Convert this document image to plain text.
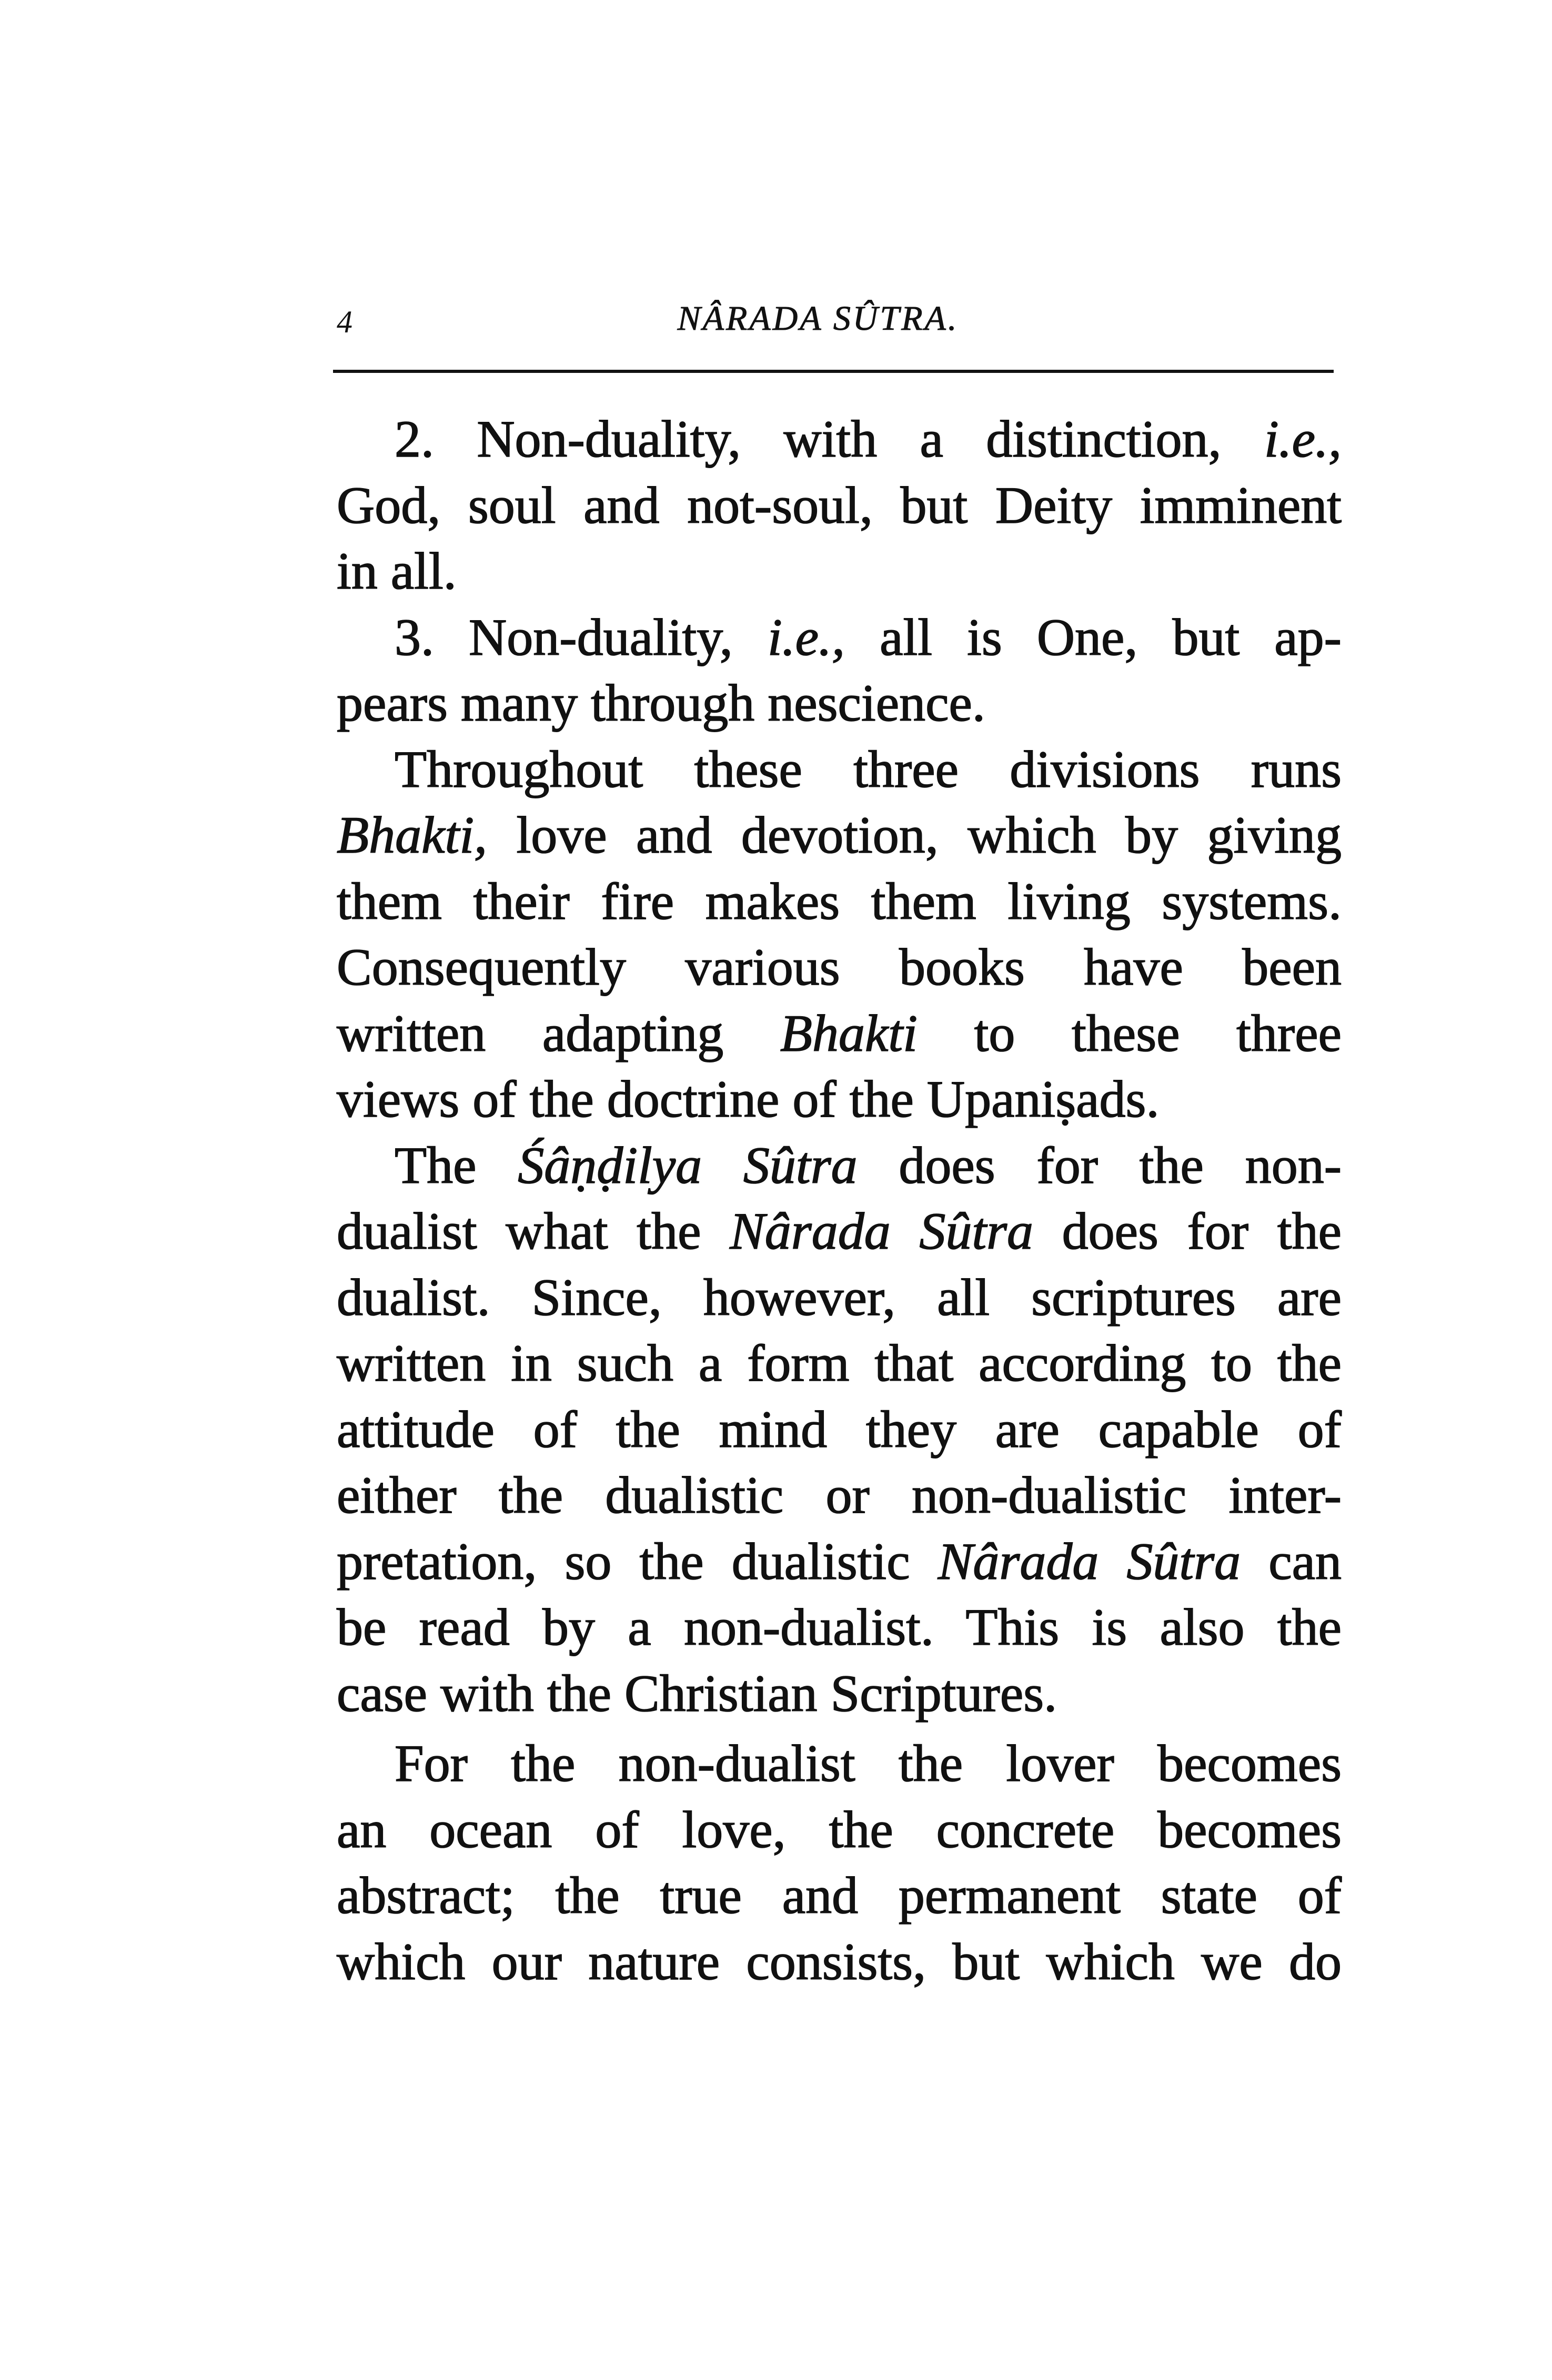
4	NÂRADA SÛTRA.
2. Non-duality, with a distinction, i.e.,
God, soul and not-soul, but Deity imminent
in all.
3. Non-duality, i.e., all is One, but ap-
pears many through nescience.
Throughout these three divisions runs
Bhakti, love and devotion, which by giving
them their fire makes them living systems.
Consequently various books have been
written adapting Bhakti to these three
views of the doctrine of the Upaniṣads.
The Śâṇḍilya Sûtra does for the non-
dualist what the Nârada Sûtra does for the
dualist. Since, however, all scriptures are
written in such a form that according to the
attitude of the mind they are capable of
either the dualistic or non-dualistic inter-
pretation, so the dualistic Nârada Sûtra can
be read by a non-dualist. This is also the
case with the Christian Scriptures.
For the non-dualist the lover becomes
an ocean of love, the concrete becomes
abstract; the true and permanent state of
which our nature consists, but which we do
